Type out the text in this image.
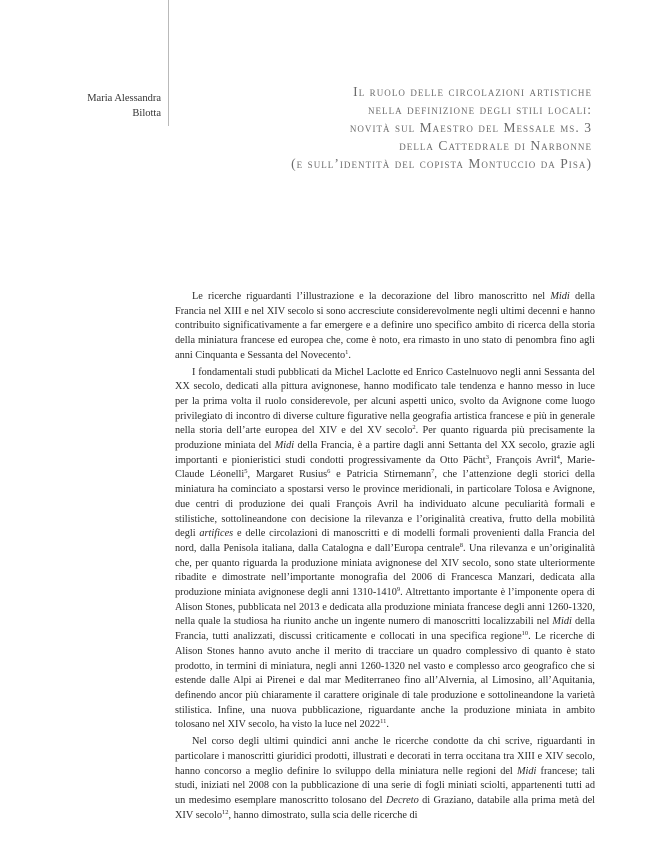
Maria Alessandra
Bilotta
Il ruolo delle circolazioni artistiche
nella definizione degli stili locali:
novità sul Maestro del Messale ms. 3
della Cattedrale di Narbonne
(e sull’identità del copista Montuccio da Pisa)

Le ricerche riguardanti l’illustrazione e la decorazione del libro manoscritto nel Midi della Francia nel XIII e nel XIV secolo si sono accresciute considerevolmente negli ultimi decenni e hanno contribuito significativamente a far emergere e a definire uno specifico ambito di ricerca della storia della miniatura francese ed europea che, come è noto, era rimasto in uno stato di penombra fino agli anni Cinquanta e Sessanta del Novecento$^1$.

I fondamentali studi pubblicati da Michel Laclotte ed Enrico Castelnuovo negli anni Sessanta del XX secolo, dedicati alla pittura avignonese, hanno modificato tale tendenza e hanno messo in luce per la prima volta il ruolo considerevole, per alcuni aspetti unico, svolto da Avignone come luogo privilegiato di incontro di diverse culture figurative nella geografia artistica francese e più in generale nella storia dell’arte europea del XIV e del XV secolo$^2$. Per quanto riguarda più precisamente la produzione miniata del Midi della Francia, è a partire dagli anni Settanta del XX secolo, grazie agli importanti e pionieristici studi condotti progressivamente da Otto Pächt$^3$, François Avril$^4$, Marie-Claude Léonelli$^5$, Margaret Rusius$^6$ e Patricia Stirnemann$^7$, che l’attenzione degli storici della miniatura ha cominciato a spostarsi verso le province meridionali, in particolare Tolosa e Avignone, due centri di produzione dei quali François Avril ha individuato alcune peculiarità formali e stilistiche, sottolineandone con decisione la rilevanza e l’originalità creativa, frutto della mobilità degli artifices e delle circolazioni di manoscritti e di modelli formali provenienti dalla Francia del nord, dalla Penisola italiana, dalla Catalogna e dall’Europa centrale$^8$. Una rilevanza e un’originalità che, per quanto riguarda la produzione miniata avignonese del XIV secolo, sono state ulteriormente ribadite e dimostrate nell’importante monografia del 2006 di Francesca Manzari, dedicata alla produzione miniata avignonese degli anni 1310-1410$^9$. Altrettanto importante è l’imponente opera di Alison Stones, pubblicata nel 2013 e dedicata alla produzione miniata francese degli anni 1260-1320, nella quale la studiosa ha riunito anche un ingente numero di manoscritti localizzabili nel Midi della Francia, tutti analizzati, discussi criticamente e collocati in una specifica regione$^{10}$. Le ricerche di Alison Stones hanno avuto anche il merito di tracciare un quadro complessivo di quanto è stato prodotto, in termini di miniatura, negli anni 1260-1320 nel vasto e complesso arco geografico che si estende dalle Alpi ai Pirenei e dal mar Mediterraneo fino all’Alvernia, al Limosino, all’Aquitania, definendo ancor più chiaramente il carattere originale di tale produzione e sottolineandone la varietà stilistica. Infine, una nuova pubblicazione, riguardante anche la produzione miniata in ambito tolosano nel XIV secolo, ha visto la luce nel 2022$^{11}$.

Nel corso degli ultimi quindici anni anche le ricerche condotte da chi scrive, riguardanti in particolare i manoscritti giuridici prodotti, illustrati e decorati in terra occitana tra XIII e XIV secolo, hanno concorso a meglio definire lo sviluppo della miniatura nelle regioni del Midi francese; tali studi, iniziati nel 2008 con la pubblicazione di una serie di fogli miniati sciolti, appartenenti tutti ad un medesimo esemplare manoscritto tolosano del Decreto di Graziano, databile alla prima metà del XIV secolo$^{12}$, hanno dimostrato, sulla scia delle ricerche di
